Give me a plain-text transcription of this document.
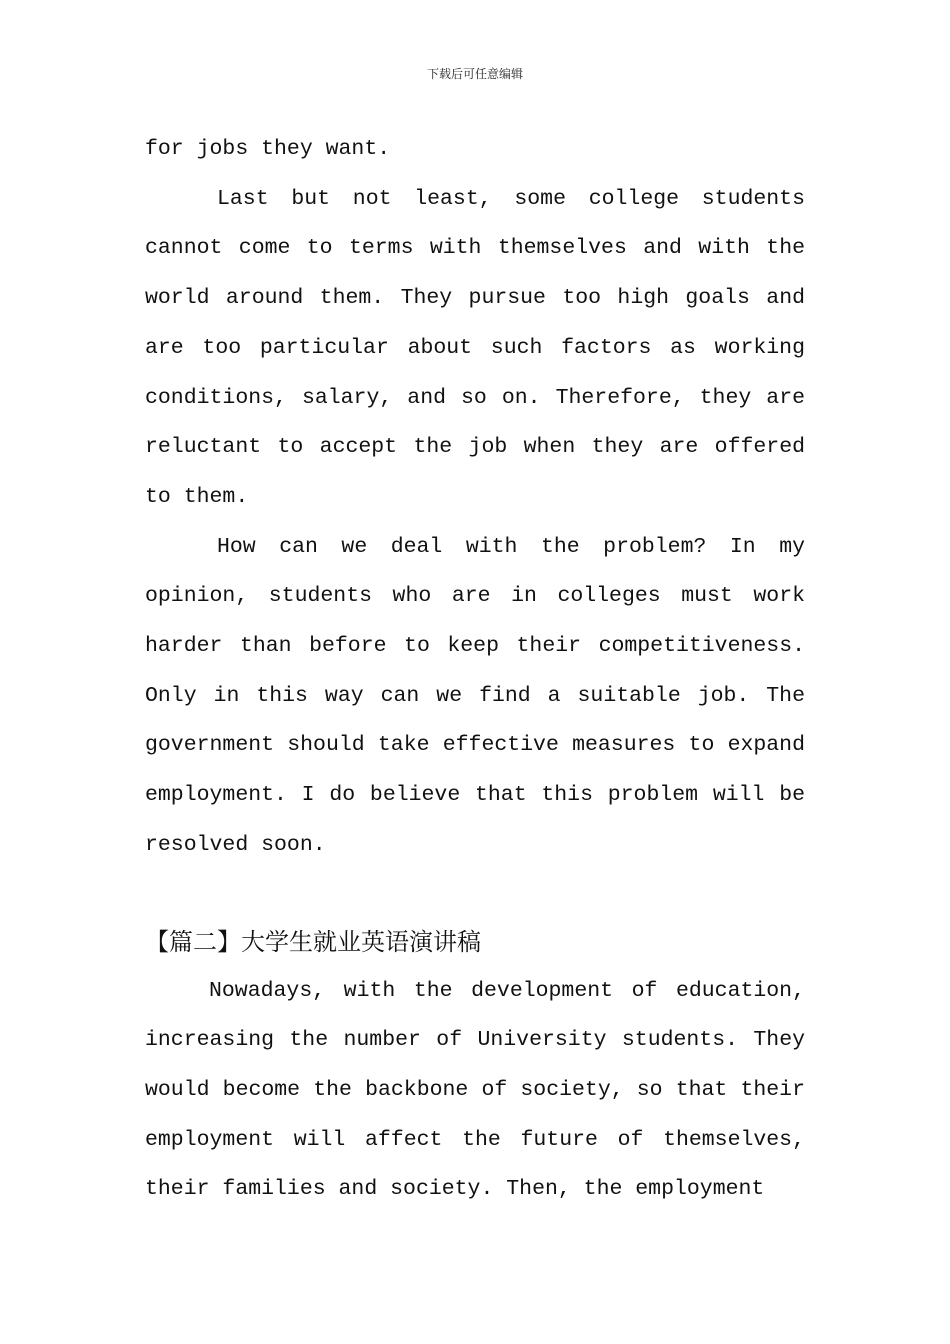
下载后可任意编辑

for jobs they want.

Last but not least, some college students cannot come to terms with themselves and with the world around them. They pursue too high goals and are too particular about such factors as working conditions, salary, and so on. Therefore, they are reluctant to accept the job when they are offered to them.

How can we deal with the problem? In my opinion, students who are in colleges must work harder than before to keep their competitiveness. Only in this way can we find a suitable job. The government should take effective measures to expand employment. I do believe that this problem will be resolved soon.

【篇二】大学生就业英语演讲稿

Nowadays, with the development of education, increasing the number of University students. They would become the backbone of society, so that their employment will affect the future of themselves, their families and society. Then, the employment
